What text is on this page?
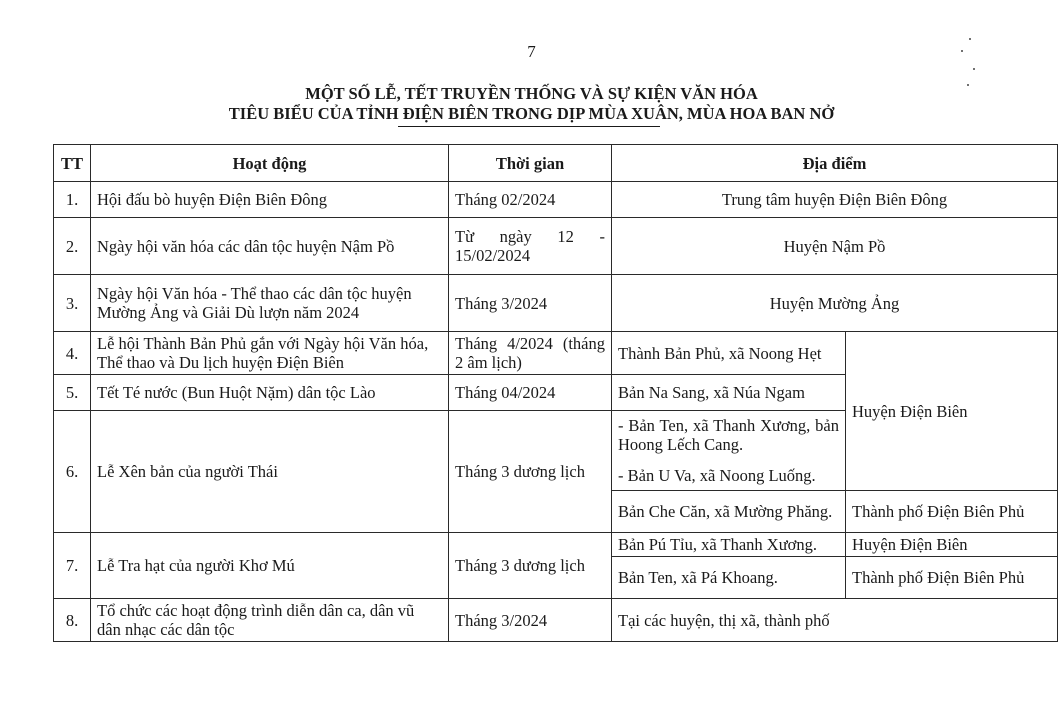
7
MỘT SỐ LỄ, TẾT TRUYỀN THỐNG VÀ SỰ KIỆN VĂN HÓA
TIÊU BIỂU CỦA TỈNH ĐIỆN BIÊN TRONG DỊP MÙA XUÂN, MÙA HOA BAN NỞ
TT	Hoạt động	Thời gian	Địa điểm	
1.	Hội đấu bò huyện Điện Biên Đông	Tháng 02/2024	Trung tâm huyện Điện Biên Đông	
2.	Ngày hội văn hóa các dân tộc huyện Nậm Pồ	Từ ngày 12 - 15/02/2024	Huyện Nậm Pồ	
3.	Ngày hội Văn hóa - Thể thao các dân tộc huyện Mường Ảng và Giải Dù lượn năm 2024	Tháng 3/2024	Huyện Mường Ảng	
4.	Lễ hội Thành Bản Phủ gắn với Ngày hội Văn hóa, Thể thao và Du lịch huyện Điện Biên	Tháng 4/2024 (tháng 2 âm lịch)	Thành Bản Phủ, xã Noong Hẹt	Huyện Điện Biên
5.	Tết Té nước (Bun Huột Nặm) dân tộc Lào	Tháng 04/2024	Bản Na Sang, xã Núa Ngam	
6.	Lễ Xên bản của người Thái	Tháng 3 dương lịch	- Bản Ten, xã Thanh Xương, bản Hoong Lếch Cang.
- Bản U Va, xã Noong Luống.	

			Bản Che Căn, xã Mường Phăng.	Thành phố Điện Biên Phủ
7.	Lễ Tra hạt của người Khơ Mú	Tháng 3 dương lịch	Bản Pú Tỉu, xã Thanh Xương.	Huyện Điện Biên
			Bản Ten, xã Pá Khoang.	Thành phố Điện Biên Phủ
8.	Tổ chức các hoạt động trình diễn dân ca, dân vũ dân nhạc các dân tộc	Tháng 3/2024	Tại các huyện, thị xã, thành phố	
